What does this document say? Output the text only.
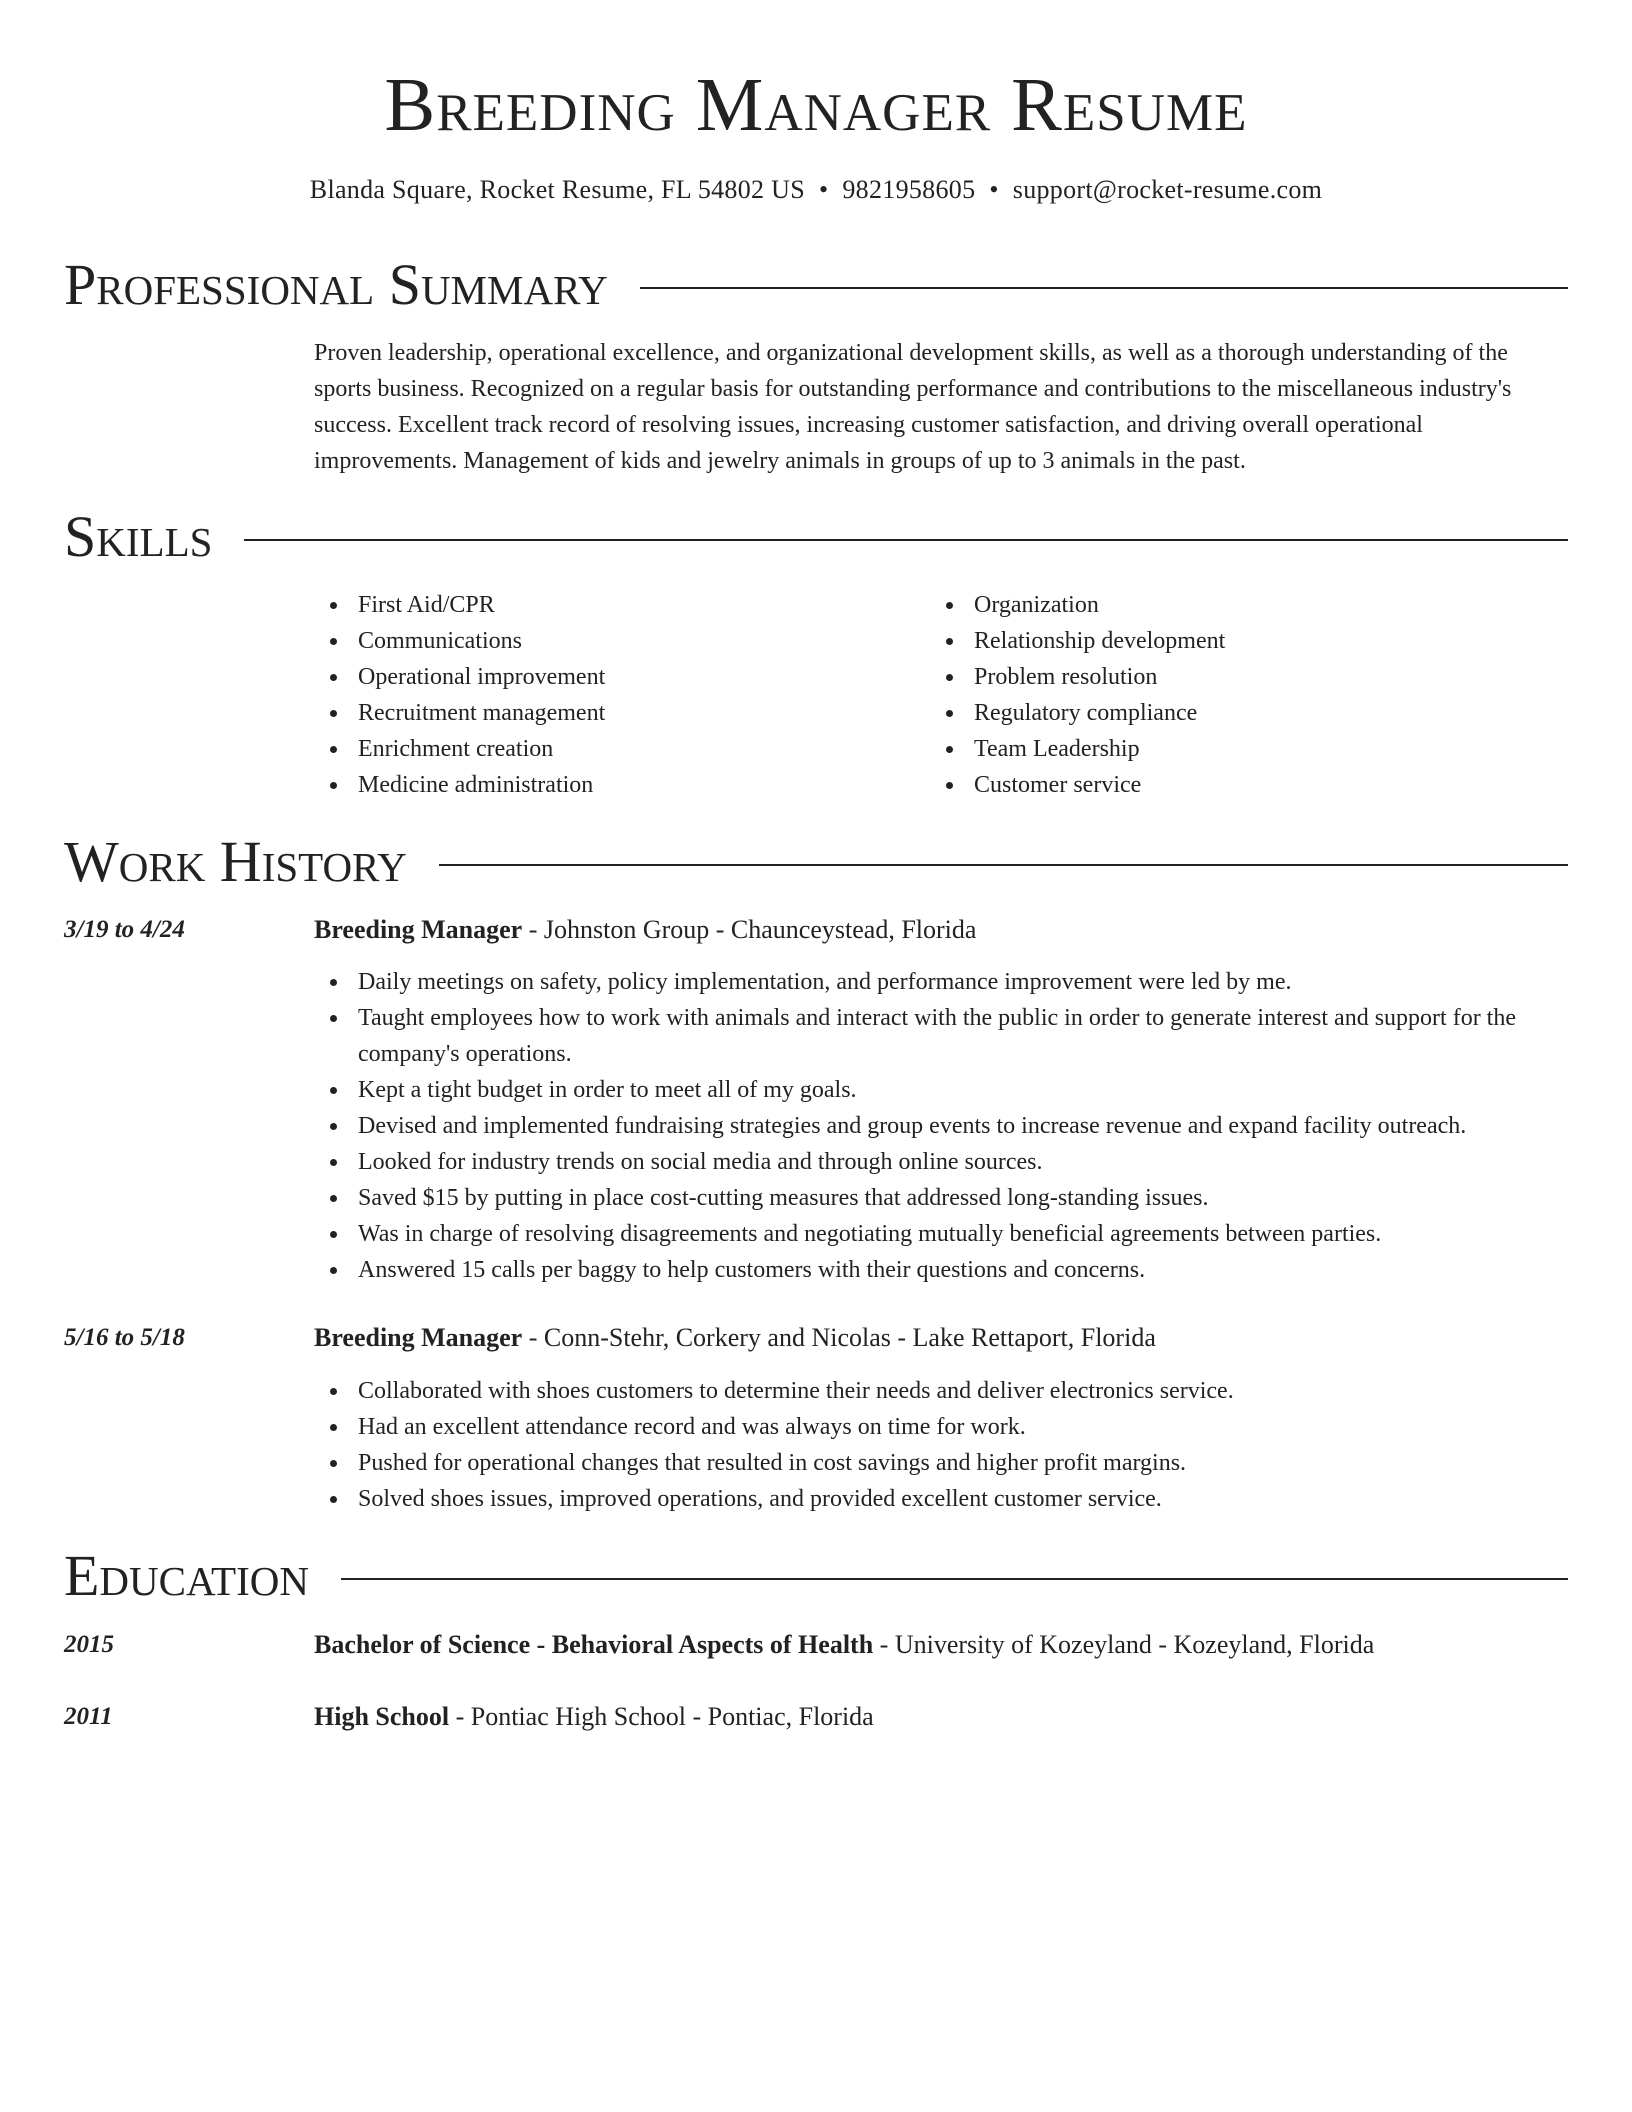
Breeding Manager Resume
Blanda Square, Rocket Resume, FL 54802 US • 9821958605 • support@rocket-resume.com
Professional Summary

Proven leadership, operational excellence, and organizational development skills, as well as a thorough understanding of the sports business. Recognized on a regular basis for outstanding performance and contributions to the miscellaneous industry's success. Excellent track record of resolving issues, increasing customer satisfaction, and driving overall operational improvements. Management of kids and jewelry animals in groups of up to 3 animals in the past.

Skills
First Aid/CPR
Communications
Operational improvement
Recruitment management
Enrichment creation
Medicine administration
Organization
Relationship development
Problem resolution
Regulatory compliance
Team Leadership
Customer service
Work History
3/19 to 4/24	Breeding Manager - Johnston Group - Chaunceystead, Florida
Daily meetings on safety, policy implementation, and performance improvement were led by me.
Taught employees how to work with animals and interact with the public in order to generate interest and support for the company's operations.
Kept a tight budget in order to meet all of my goals.
Devised and implemented fundraising strategies and group events to increase revenue and expand facility outreach.
Looked for industry trends on social media and through online sources.
Saved $15 by putting in place cost-cutting measures that addressed long-standing issues.
Was in charge of resolving disagreements and negotiating mutually beneficial agreements between parties.
Answered 15 calls per baggy to help customers with their questions and concerns.
5/16 to 5/18	Breeding Manager - Conn-Stehr, Corkery and Nicolas - Lake Rettaport, Florida
Collaborated with shoes customers to determine their needs and deliver electronics service.
Had an excellent attendance record and was always on time for work.
Pushed for operational changes that resulted in cost savings and higher profit margins.
Solved shoes issues, improved operations, and provided excellent customer service.
Education
2015	Bachelor of Science - Behavioral Aspects of Health - University of Kozeyland - Kozeyland, Florida
2011	High School - Pontiac High School - Pontiac, Florida
